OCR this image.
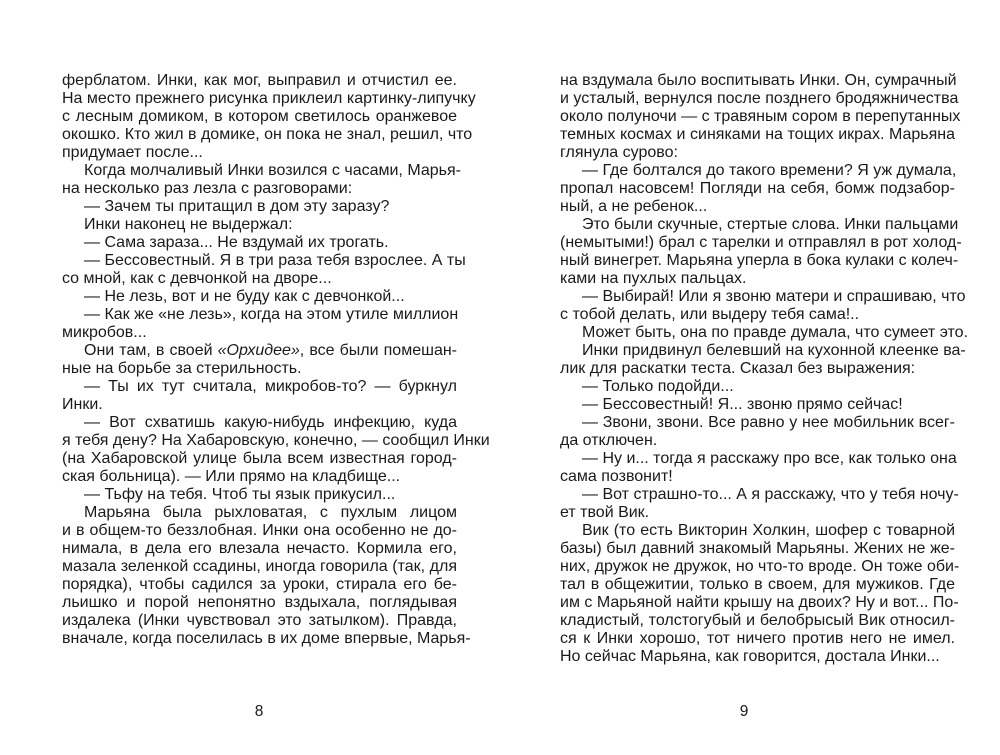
ферблатом. Инки, как мог, выправил и отчистил ее.
На место прежнего рисунка приклеил картинку-липучку
с лесным домиком, в котором светилось оранжевое
окошко. Кто жил в домике, он пока не знал, решил, что
придумает после...
Когда молчаливый Инки возился с часами, Марья-
на несколько раз лезла с разговорами:
— Зачем ты притащил в дом эту заразу?
Инки наконец не выдержал:
— Сама зараза... Не вздумай их трогать.
— Бессовестный. Я в три раза тебя взрослее. А ты
со мной, как с девчонкой на дворе...
— Не лезь, вот и не буду как с девчонкой...
— Как же «не лезь», когда на этом утиле миллион
микробов...
Они там, в своей «Орхидее», все были помешан-
ные на борьбе за стерильность.
— Ты их тут считала, микробов-то? — буркнул
Инки.
— Вот схватишь какую-нибудь инфекцию, куда
я тебя дену? На Хабаровскую, конечно, — сообщил Инки
(на Хабаровской улице была всем известная город-
ская больница). — Или прямо на кладбище...
— Тьфу на тебя. Чтоб ты язык прикусил...
Марьяна была рыхловатая, с пухлым лицом
и в общем-то беззлобная. Инки она особенно не до-
нимала, в дела его влезала нечасто. Кормила его,
мазала зеленкой ссадины, иногда говорила (так, для
порядка), чтобы садился за уроки, стирала его бе-
льишко и порой непонятно вздыхала, поглядывая
издалека (Инки чувствовал это затылком). Правда,
вначале, когда поселилась в их доме впервые, Марья-
на вздумала было воспитывать Инки. Он, сумрачный
и усталый, вернулся после позднего бродяжничества
около полуночи — с травяным сором в перепутанных
темных космах и синяками на тощих икрах. Марьяна
глянула сурово:
— Где болтался до такого времени? Я уж думала,
пропал насовсем! Погляди на себя, бомж подзабор-
ный, а не ребенок...
Это были скучные, стертые слова. Инки пальцами
(немытыми!) брал с тарелки и отправлял в рот холод-
ный винегрет. Марьяна уперла в бока кулаки с колеч-
ками на пухлых пальцах.
— Выбирай! Или я звоню матери и спрашиваю, что
с тобой делать, или выдеру тебя сама!..
Может быть, она по правде думала, что сумеет это.
Инки придвинул белевший на кухонной клеенке ва-
лик для раскатки теста. Сказал без выражения:
— Только подойди...
— Бессовестный! Я... звоню прямо сейчас!
— Звони, звони. Все равно у нее мобильник всег-
да отключен.
— Ну и... тогда я расскажу про все, как только она
сама позвонит!
— Вот страшно-то... А я расскажу, что у тебя ночу-
ет твой Вик.
Вик (то есть Викторин Холкин, шофер с товарной
базы) был давний знакомый Марьяны. Жених не же-
них, дружок не дружок, но что-то вроде. Он тоже оби-
тал в общежитии, только в своем, для мужиков. Где
им с Марьяной найти крышу на двоих? Ну и вот... По-
кладистый, толстогубый и белобрысый Вик относил-
ся к Инки хорошо, тот ничего против него не имел.
Но сейчас Марьяна, как говорится, достала Инки...
8	9
